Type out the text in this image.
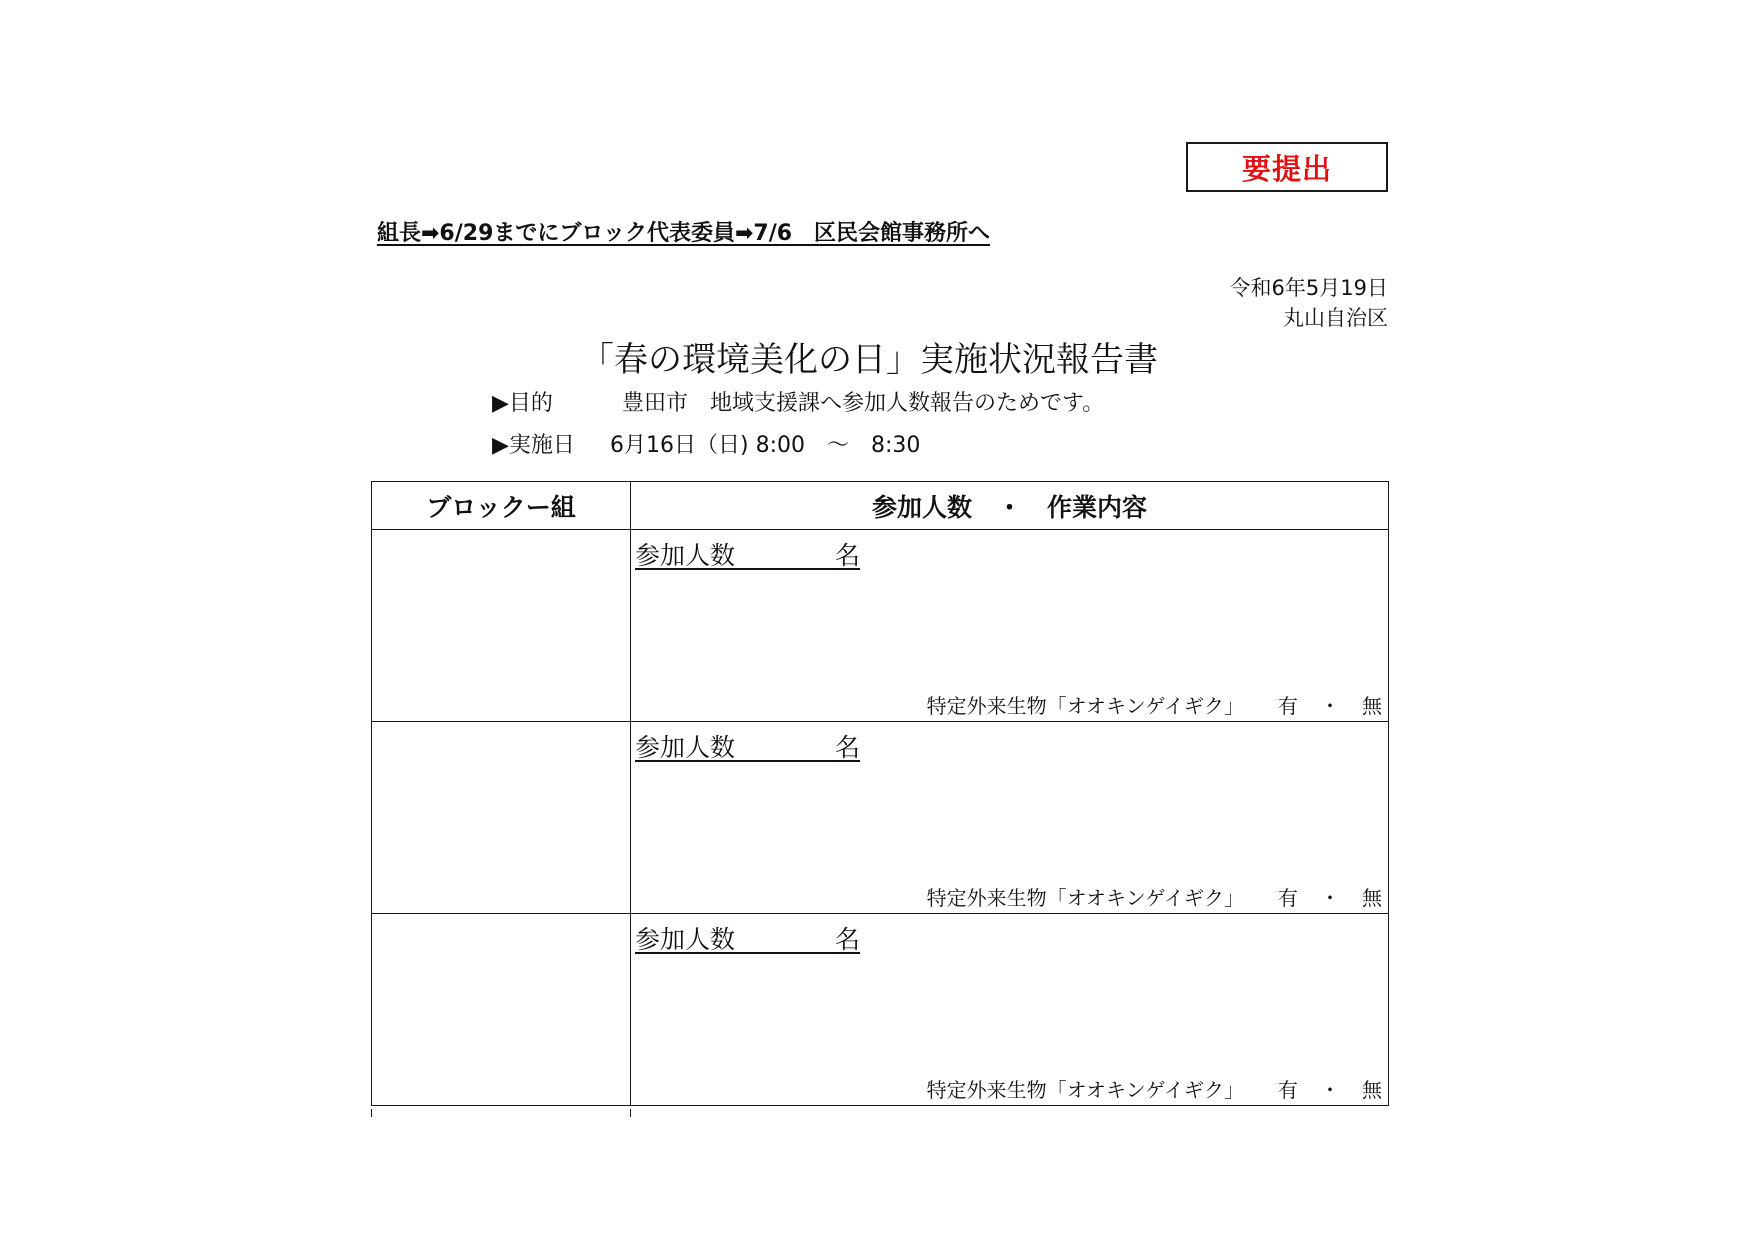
要提出
組長➡6/29までにブロック代表委員➡7/6　区民会館事務所へ
令和6年5月19日
丸山自治区
「春の環境美化の日」実施状況報告書
▶目的	豊田市　地域支援課へ参加人数報告のためです。
▶実施日	6月16日（日) 8:00　～　8:30
ブロックー組	参加人数　・　作業内容

	参加人数　　　　 名
特定外来生物「オオキンゲイギク」 有 ・ 無

	参加人数　　　　 名
特定外来生物「オオキンゲイギク」 有 ・ 無

	参加人数　　　　 名
特定外来生物「オオキンゲイギク」 有 ・ 無
